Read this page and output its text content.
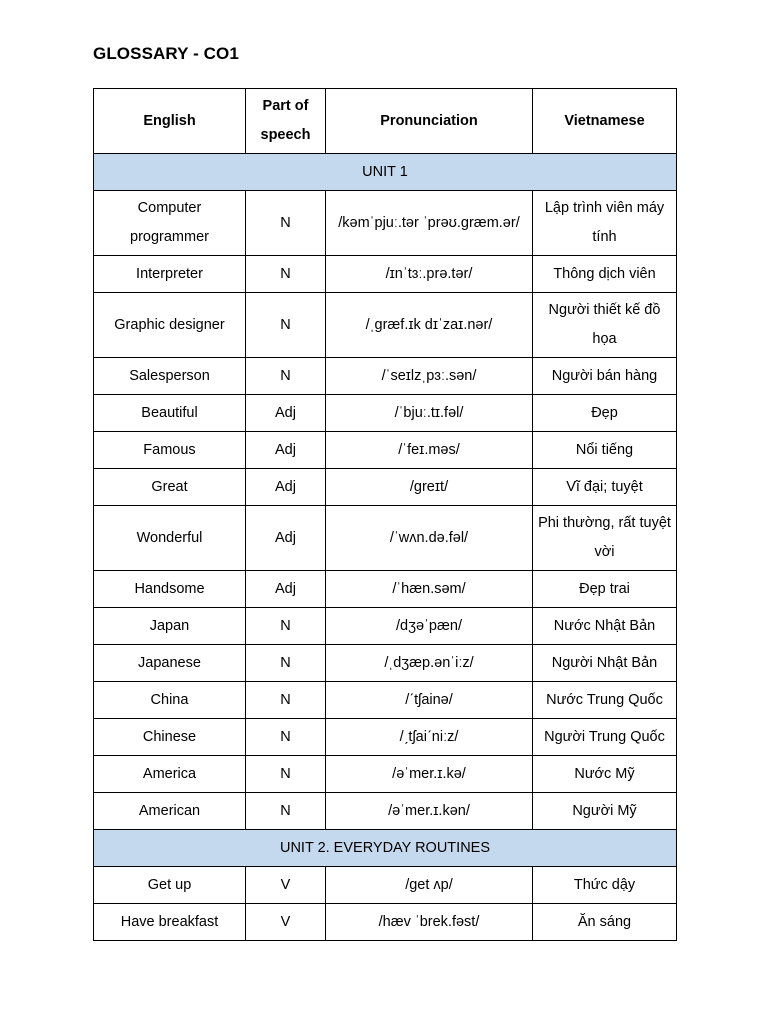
GLOSSARY - CO1
English	Part of speech	Pronunciation	Vietnamese
UNIT 1			
Computer programmer	N	/kəmˈpjuː.tər ˈprəʊ.græm.ər/	Lập trình viên máy tính
Interpreter	N	/ɪnˈtɜː.prə.tər/	Thông dịch viên
Graphic designer	N	/ˌgræf.ɪk dɪˈzaɪ.nər/	Người thiết kế đồ họa
Salesperson	N	/ˈseɪlzˌpɜː.sən/	Người bán hàng
Beautiful	Adj	/ˈbjuː.tɪ.fəl/	Đẹp
Famous	Adj	/ˈfeɪ.məs/	Nổi tiếng
Great	Adj	/greɪt/	Vĩ đại; tuyệt
Wonderful	Adj	/ˈwʌn.də.fəl/	Phi thường, rất tuyệt vời
Handsome	Adj	/ˈhæn.səm/	Đẹp trai
Japan	N	/dʒəˈpæn/	Nước Nhật Bản
Japanese	N	/ˌdʒæp.ənˈiːz/	Người Nhật Bản
China	N	/ˊtʃainə/	Nước Trung Quốc
Chinese	N	/ˏtʃaiˊniːz/	Người Trung Quốc
America	N	/əˈmer.ɪ.kə/	Nước Mỹ
American	N	/əˈmer.ɪ.kən/	Người Mỹ
UNIT 2. EVERYDAY ROUTINES			
Get up	V	/get ʌp/	Thức dậy
Have breakfast	V	/hæv ˈbrek.fəst/	Ăn sáng
